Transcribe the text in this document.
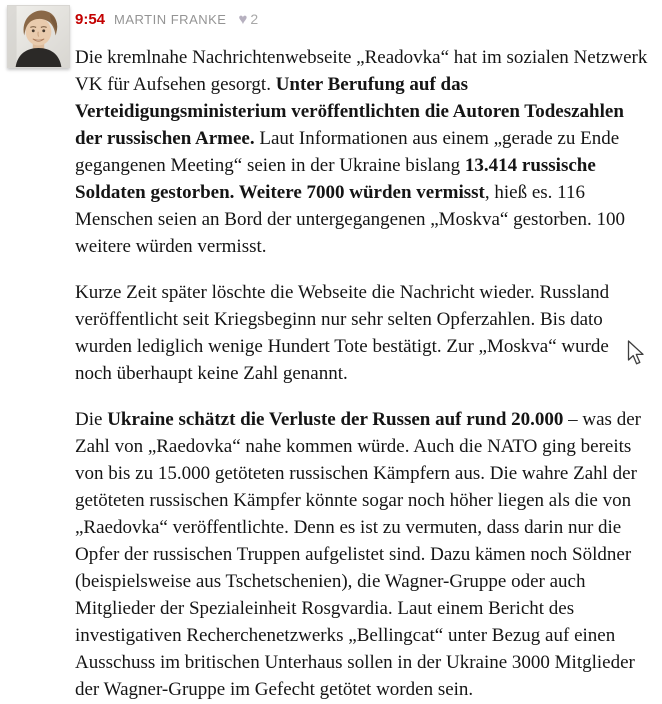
9:54 MARTIN FRANKE ♥ 2

Die kremlnahe Nachrichtenwebseite „Readovka“ hat im sozialen Netzwerk VK für Aufsehen gesorgt. Unter Berufung auf das Verteidigungsministerium veröffentlichten die Autoren Todeszahlen der russischen Armee. Laut Informationen aus einem „gerade zu Ende gegangenen Meeting“ seien in der Ukraine bislang 13.414 russische Soldaten gestorben. Weitere 7000 würden vermisst, hieß es. 116 Menschen seien an Bord der untergegangenen „Moskva“ gestorben. 100 weitere würden vermisst.

Kurze Zeit später löschte die Webseite die Nachricht wieder. Russland veröffentlicht seit Kriegsbeginn nur sehr selten Opferzahlen. Bis dato wurden lediglich wenige Hundert Tote bestätigt. Zur „Moskva“ wurde noch überhaupt keine Zahl genannt.

Die Ukraine schätzt die Verluste der Russen auf rund 20.000 – was der Zahl von „Raedovka“ nahe kommen würde. Auch die NATO ging bereits von bis zu 15.000 getöteten russischen Kämpfern aus. Die wahre Zahl der getöteten russischen Kämpfer könnte sogar noch höher liegen als die von „Raedovka“ veröffentlichte. Denn es ist zu vermuten, dass darin nur die Opfer der russischen Truppen aufgelistet sind. Dazu kämen noch Söldner (beispielsweise aus Tschetschenien), die Wagner-Gruppe oder auch Mitglieder der Spezialeinheit Rosgvardia. Laut einem Bericht des investigativen Recherchenetzwerks „Bellingcat“ unter Bezug auf einen Ausschuss im britischen Unterhaus sollen in der Ukraine 3000 Mitglieder der Wagner-Gruppe im Gefecht getötet worden sein.
